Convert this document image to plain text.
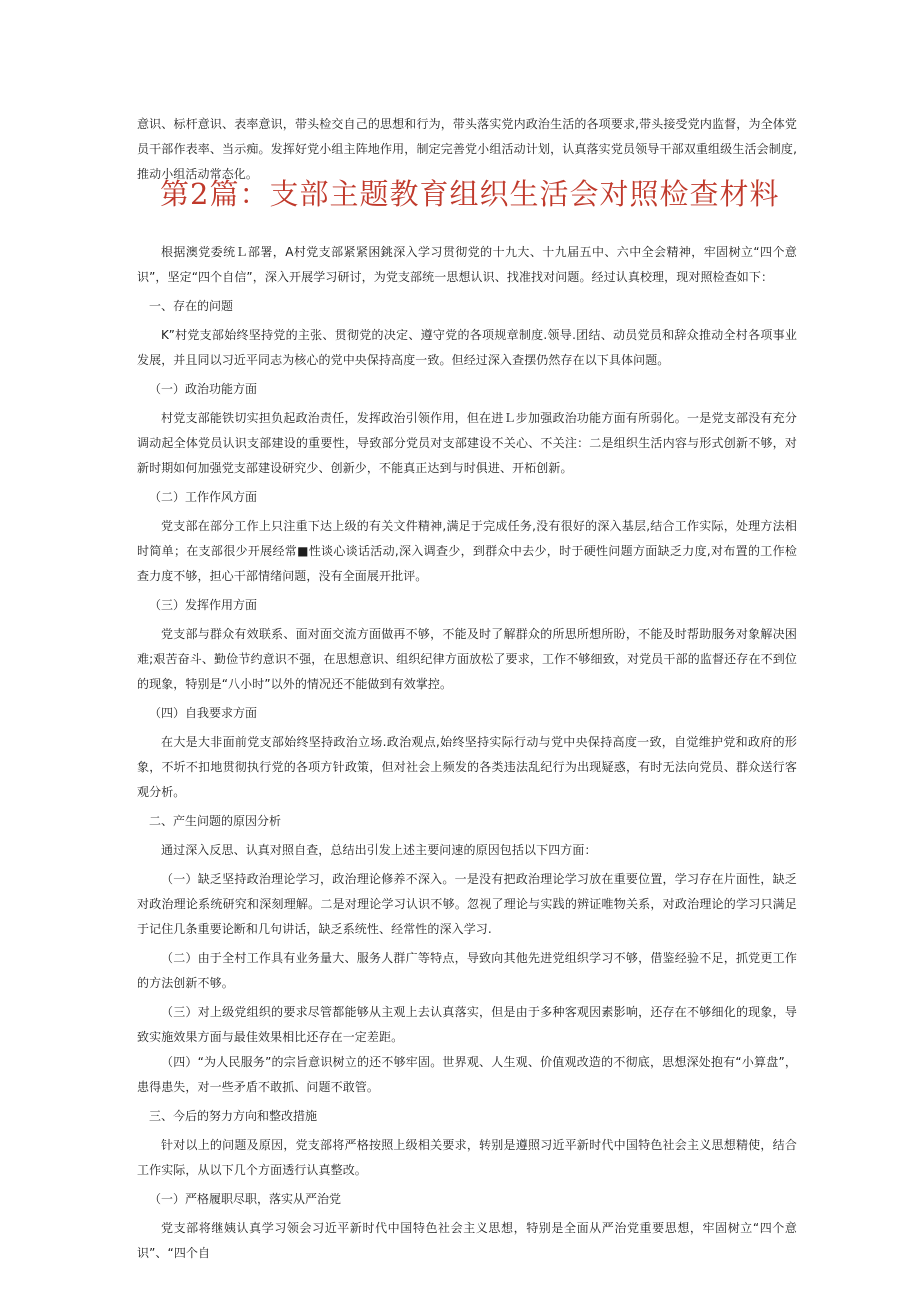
意识、标杆意识、表率意识，带头检交自己的思想和行为，带头落实党内政治生活的各项要求,带头接受党内监督，为全体党员干部作表率、当示痴。发挥好党小组主阵地作用，制定完善党小组活动计划，认真落实党员领导干部双重组级生活会制度,推动小组活动常态化。

第2篇：支部主题教育组织生活会对照检查材料

根据澳党委统Ｌ部署，A村党支部紧紧困銚深入学习贯彻党的十九大、十九届五中、六中全会精神，牢固树立“四个意识”，坚定“四个自信”，深入开展学习研讨，为党支部统一思想认识、找准找对问题。经过认真校理，现对照检查如下：

一、存在的问题

K”村党支部始终坚持党的主张、贯彻党的决定、遵守党的各项规章制度.领导.团结、动员党员和辞众推动全村各项事业发展，并且同以习近平同志为核心的党中央保持高度一致。但经过深入查摆仍然存在以下具体问题。

（一）政治功能方面

村党支部能铁切实担负起政治责任，发挥政治引领作用，但在进Ｌ步加强政治功能方面有所弱化。一是党支部没有充分调动起全体党员认识支部建设的重要性，导致部分党员对支部建设不关心、不关注：二是组织生活内容与形式创新不够，对新时期如何加强党支部建设研究少、创新少，不能真正达到与时俱进、开柘创新。

（二）工作作风方面

党支部在部分工作上只注重下达上级的有关文件精神,满足于完成任务,没有很好的深入基层,结合工作实际，处理方法相时简单；在支部很少开展经常■性谈心谈话活动,深入调查少，到群众中去少，时于硬性问题方面缺乏力度,对布置的工作检查力度不够，担心干部情绪问题，没有全面展开批评。

（三）发挥作用方面

党支部与群众有效联系、面对面交流方面做再不够，不能及时了解群众的所思所想所盼，不能及时帮助服务对象解决困难;艰苦奋斗、勤俭节约意识不强，在思想意识、组织纪律方面放松了要求，工作不够细致，对党员干部的监督还存在不到位的现象，特别是“八小时”以外的情况还不能做到有效掌控。

（四）自我要求方面

在大是大非面前党支部始终坚持政治立场.政治观点,始终坚持实际行动与党中央保持高度一致，自觉维护党和政府的形象，不圻不扣地贯彻执行党的各项方针政策，但对社会上频发的各类违法乱纪行为出现疑惑，有时无法向党员、群众送行客观分析。

二、产生问题的原因分析

通过深入反思、认真对照自查，总结出引发上述主要问速的原因包括以下四方面：

（一）缺乏坚持政治理论学习，政治理论修养不深入。一是没有把政治理论学习放在重要位置，学习存在片面性，缺乏对政治理论系统研究和深刻理解。二是对理论学习认识不够。忽视了理论与实践的辨证唯物关系，对政治理论的学习只满足于记住几条重要论断和几句讲话，缺乏系统性、经常性的深入学习.

（二）由于全村工作具有业务量大、服务人群广等特点，导致向其他先进党组织学习不够，借鉴经验不足，抓党更工作的方法创新不够。

（三）对上级党组织的要求尽管都能够从主观上去认真落实，但是由于多种客观因素影响，还存在不够细化的现象，导致实施效果方面与最佳效果相比还存在一定差距。

（四）“为人民服务”的宗旨意识树立的还不够牢固。世界观、人生观、价值观改造的不彻底，思想深处抱有“小算盘”，患得患失，对一些矛盾不敢抓、问题不敢管。

三、今后的努力方向和整改措施

针对以上的问题及原因，党支部将严格按照上级相关要求，转别是遵照习近平新时代中国特色社会主义思想精使，结合工作实际，从以下几个方面透行认真整改。

（一）严格履职尽职，落实从严治党

党支部将继姨认真学习领会习近平新时代中国特色社会主义思想，特别是全面从严治党重要思想，牢固树立“四个意识”、“四个自
